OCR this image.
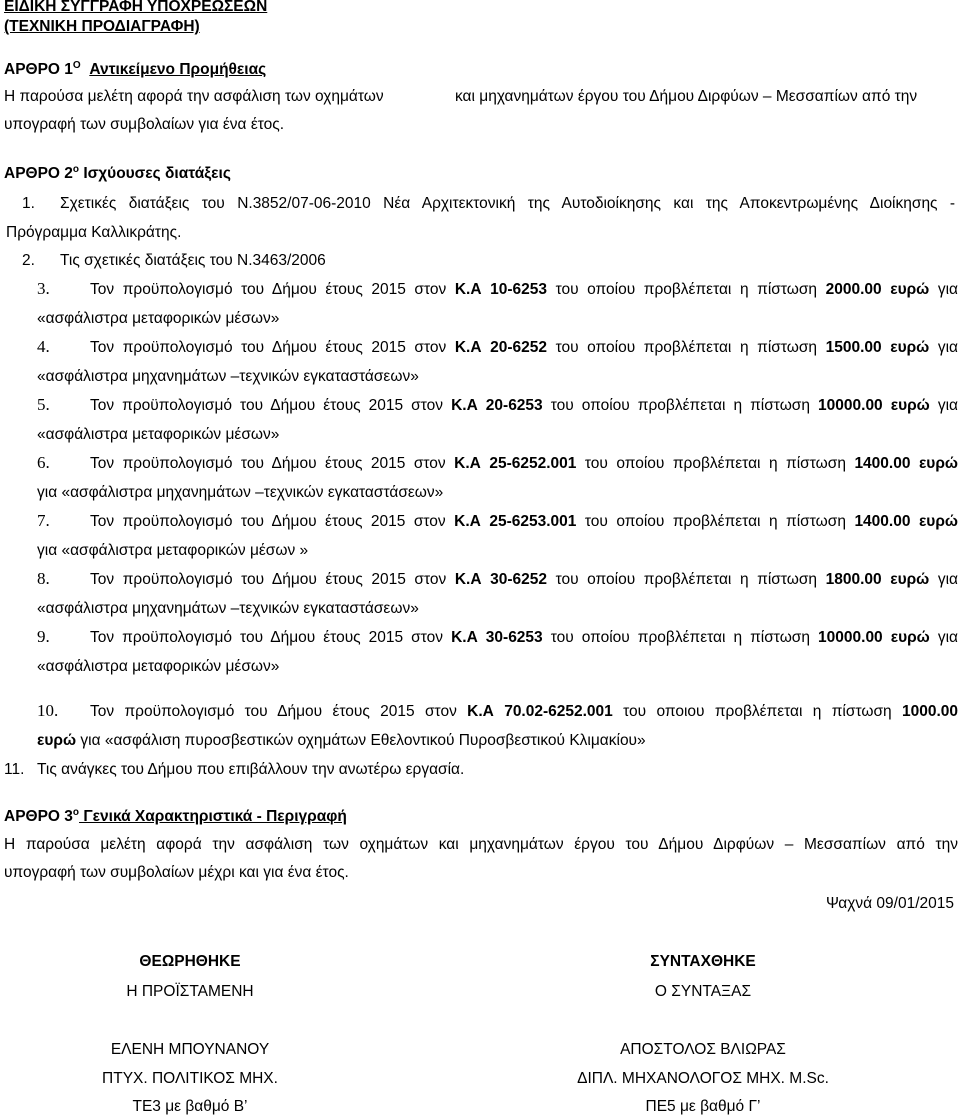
ΕΙΔΙΚΗ ΣΥΓΓΡΑΦΗ ΥΠΟΧΡΕΩΣΕΩΝ
(ΤΕΧΝΙΚΗ ΠΡΟΔΙΑΓΡΑΦΗ)
ΑΡΘΡΟ $1^O$ Αντικείμενο Προμήθειας
Η παρούσα μελέτη αφορά την ασφάλιση των οχημάτων	και μηχανημάτων έργου του Δήμου Διρφύων – Μεσσαπίων από την
υπογραφή των συμβολαίων για ένα έτος.
ΑΡΘΡΟ $2^o$ Ισχύουσες διατάξεις
1. Σχετικές διατάξεις του Ν.3852/07-06-2010 Νέα Αρχιτεκτονική της Αυτοδιοίκησης και της Αποκεντρωμένης Διοίκησης -
Πρόγραμμα Καλλικράτης.
2. Τις σχετικές διατάξεις του Ν.3463/2006
3.	Τον προϋπολογισμό του Δήμου έτους 2015 στον Κ.Α 10-6253 του οποίου προβλέπεται η πίστωση 2000.00 ευρώ για
«ασφάλιστρα μεταφορικών μέσων»
4.	Τον προϋπολογισμό του Δήμου έτους 2015 στον Κ.Α 20-6252 του οποίου προβλέπεται η πίστωση 1500.00 ευρώ για
«ασφάλιστρα μηχανημάτων –τεχνικών εγκαταστάσεων»
5.	Τον προϋπολογισμό του Δήμου έτους 2015 στον Κ.Α 20-6253 του οποίου προβλέπεται η πίστωση 10000.00 ευρώ για
«ασφάλιστρα μεταφορικών μέσων»
6.	Τον προϋπολογισμό του Δήμου έτους 2015 στον Κ.Α 25-6252.001 του οποίου προβλέπεται η πίστωση 1400.00 ευρώ
για «ασφάλιστρα μηχανημάτων –τεχνικών εγκαταστάσεων»
7.	Τον προϋπολογισμό του Δήμου έτους 2015 στον Κ.Α 25-6253.001 του οποίου προβλέπεται η πίστωση 1400.00 ευρώ
για «ασφάλιστρα μεταφορικών μέσων »
8.	Τον προϋπολογισμό του Δήμου έτους 2015 στον Κ.Α 30-6252 του οποίου προβλέπεται η πίστωση 1800.00 ευρώ για
«ασφάλιστρα μηχανημάτων –τεχνικών εγκαταστάσεων»
9.	Τον προϋπολογισμό του Δήμου έτους 2015 στον Κ.Α 30-6253 του οποίου προβλέπεται η πίστωση 10000.00 ευρώ για
«ασφάλιστρα μεταφορικών μέσων»
10. Τον προϋπολογισμό του Δήμου έτους 2015 στον Κ.Α 70.02-6252.001 του οποιου προβλέπεται η πίστωση 1000.00
ευρώ για «ασφάλιση πυροσβεστικών οχημάτων Εθελοντικού Πυροσβεστικού Κλιμακίου»
11. Τις ανάγκες του Δήμου που επιβάλλουν την ανωτέρω εργασία.
ΑΡΘΡΟ $3^o$ Γενικά Χαρακτηριστικά - Περιγραφή
Η παρούσα μελέτη αφορά την ασφάλιση των οχημάτων και μηχανημάτων έργου του Δήμου Διρφύων – Μεσσαπίων από την
υπογραφή των συμβολαίων μέχρι και για ένα έτος.
Ψαχνά 09/01/2015
ΘΕΩΡΗΘΗΚΕ
Η ΠΡΟΪΣΤΑΜΕΝΗ
ΕΛΕΝΗ ΜΠΟΥΝΑΝΟΥ
ΠΤΥΧ. ΠΟΛΙΤΙΚΟΣ ΜΗΧ.
ΤΕ3 με βαθμό Β’
ΣΥΝΤΑΧΘΗΚΕ
Ο ΣΥΝΤΑΞΑΣ
ΑΠΟΣΤΟΛΟΣ ΒΛΙΩΡΑΣ
ΔΙΠΛ. ΜΗΧΑΝΟΛΟΓΟΣ ΜΗΧ. M.Sc.
ΠΕ5 με βαθμό Γ’
